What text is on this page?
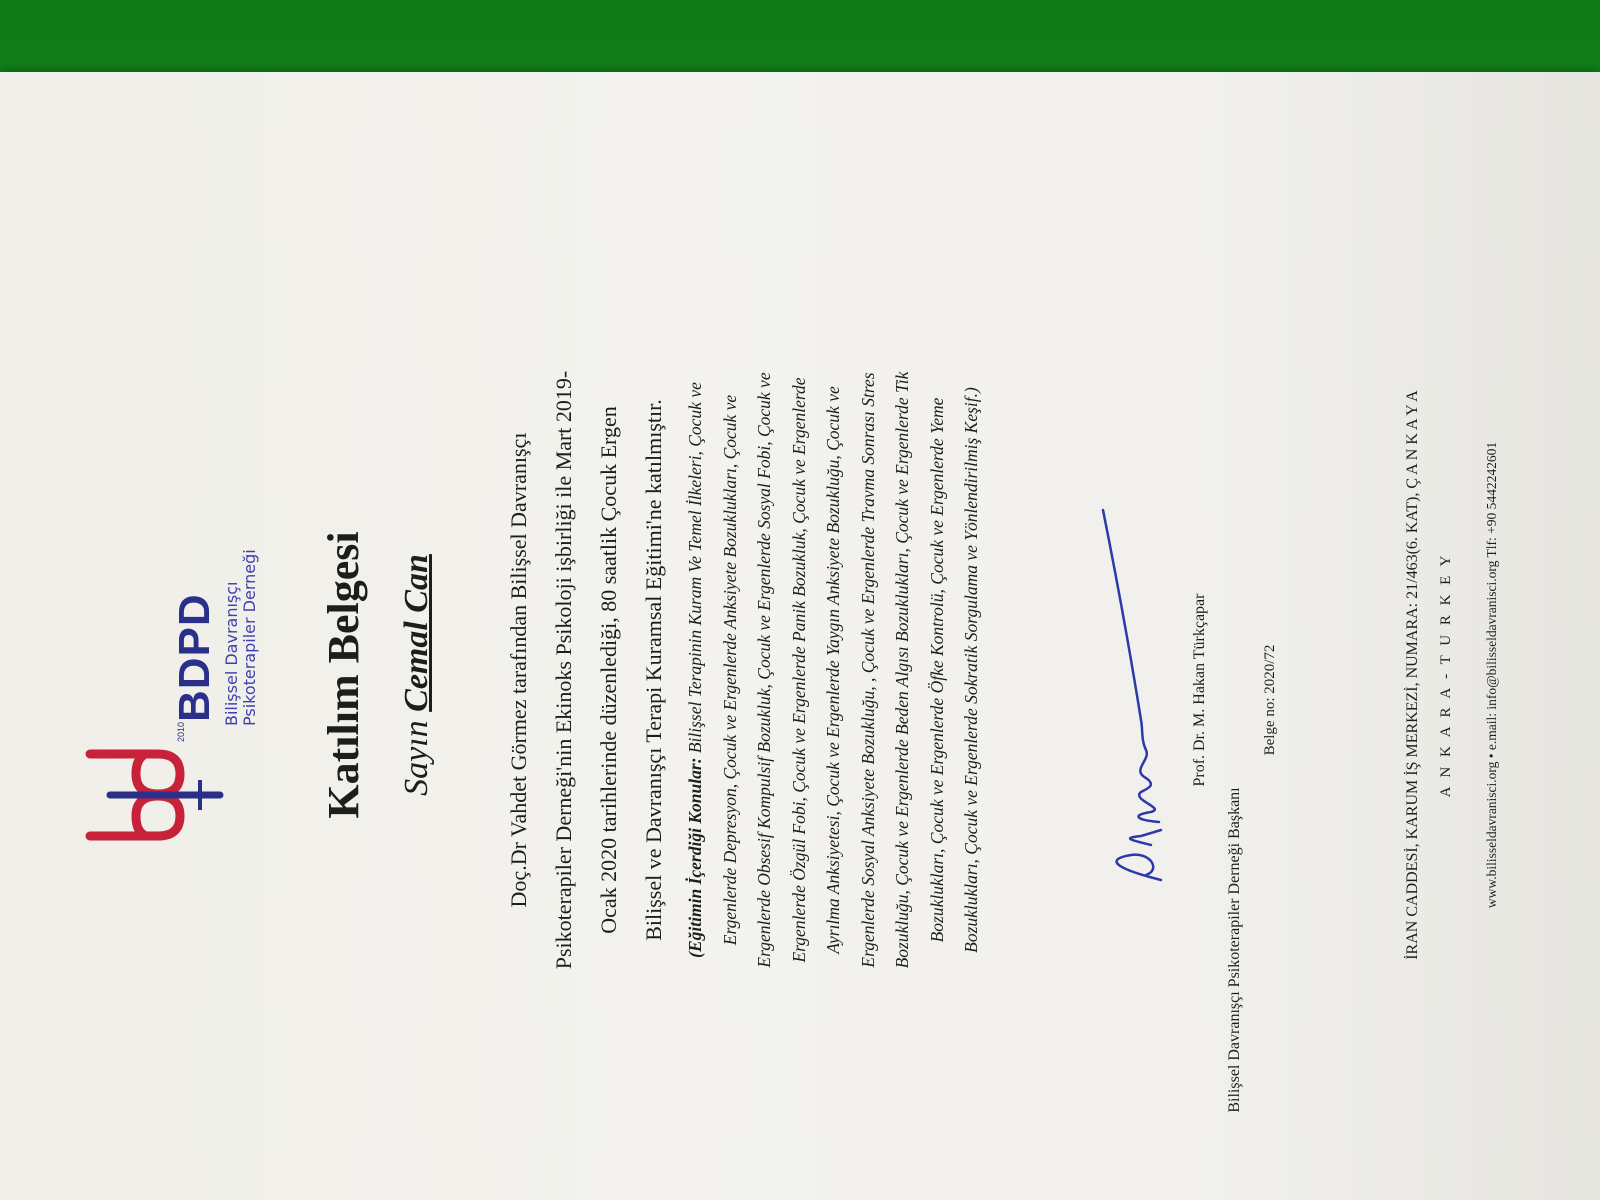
2010
BDPD Bilişsel Davranışçı Psikoterapiler Derneği Katılım Belgesi Sayın Cemal Can	Doç.Dr Vahdet Görmez tarafından Bilişsel Davranışçı Psikoterapiler Derneği'nin Ekinoks Psikoloji işbirliği ile Mart 2019- Ocak 2020 tarihlerinde düzenlediği, 80 saatlik Çocuk Ergen Bilişsel ve Davranışçı Terapi Kuramsal Eğitimi'ne katılmıştır.	(Eğitimin İçerdiği Konular: Bilişsel Terapinin Kuram Ve Temel İlkeleri, Çocuk ve Ergenlerde Depresyon, Çocuk ve Ergenlerde Anksiyete Bozuklukları, Çocuk ve Ergenlerde Obsesif Kompulsif Bozukluk, Çocuk ve Ergenlerde Sosyal Fobi, Çocuk ve Ergenlerde Özgül Fobi, Çocuk ve Ergenlerde Panik Bozukluk, Çocuk ve Ergenlerde Ayrılma Anksiyetesi, Çocuk ve Ergenlerde Yaygın Anksiyete Bozukluğu, Çocuk ve Ergenlerde Sosyal Anksiyete Bozukluğu, , Çocuk ve Ergenlerde Travma Sonrası Stres Bozukluğu, Çocuk ve Ergenlerde Beden Algısı Bozuklukları, Çocuk ve Ergenlerde Tik Bozuklukları, Çocuk ve Ergenlerde Öfke Kontrolü, Çocuk ve Ergenlerde Yeme Bozuklukları, Çocuk ve Ergenlerde Sokratik Sorgulama ve Yönlendirilmiş Keşif.)	Prof. Dr. M. Hakan Türkçapar
Bilişsel Davranışçı Psikoterapiler Derneği Başkanı
Belge no: 2020/72	İRAN CADDESİ, KARUM İŞ MERKEZİ, NUMARA: 21/463(6. KAT), Ç A N K A Y A A N K A R A - T U R K E Y www.bilisseldavranisci.org • e.mail: info@bilisseldavranisci.org Tlf: +90 5442242601
